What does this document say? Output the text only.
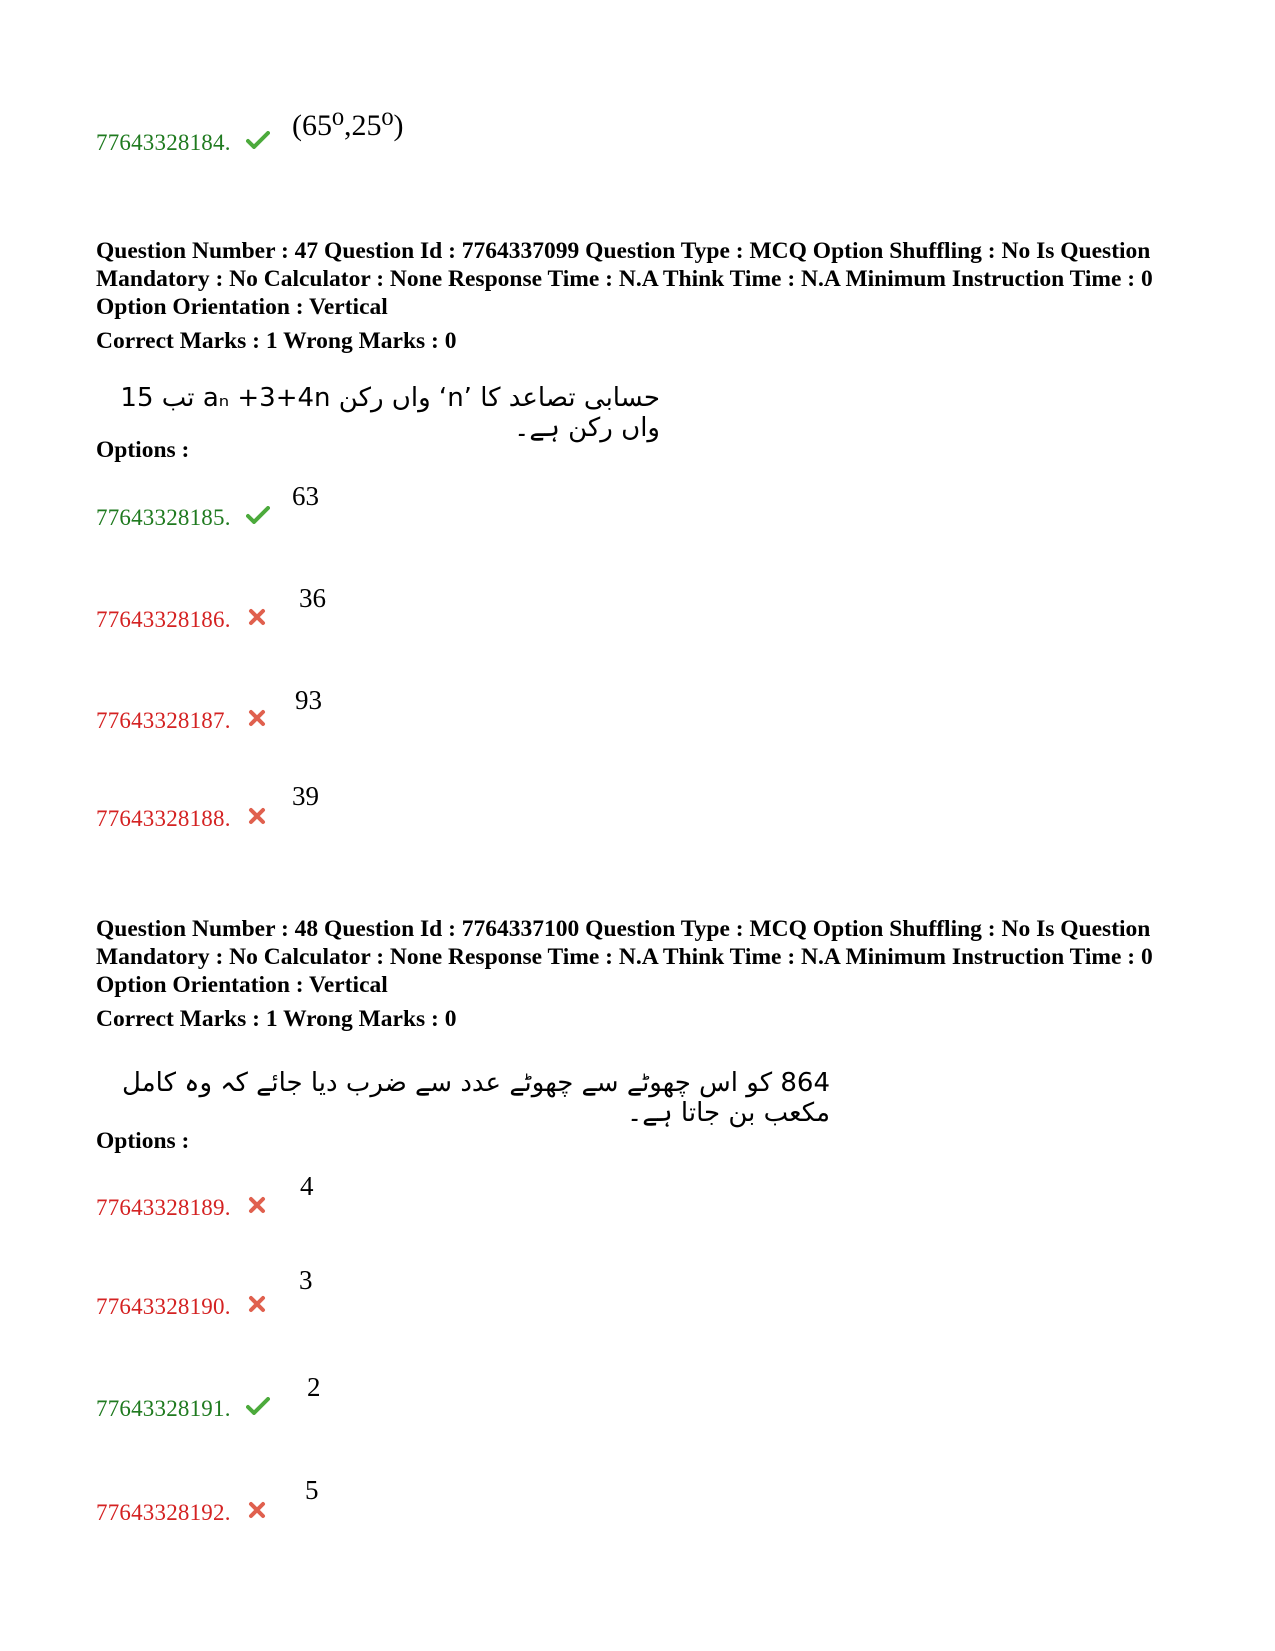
77643328184.
(65⁰,25⁰)
Question Number : 47 Question Id : 7764337099 Question Type : MCQ Option Shuffling : No Is Question Mandatory : No Calculator : None Response Time : N.A Think Time : N.A Minimum Instruction Time : 0 Option Orientation : Vertical
Correct Marks : 1 Wrong Marks : 0
حسابی تصاعد کا ’n‘ واں رکن aₙ +3+4n تب 15 واں رکن ہے۔
Options :
77643328185.
63
77643328186.
36
77643328187.
93
77643328188.
39
Question Number : 48 Question Id : 7764337100 Question Type : MCQ Option Shuffling : No Is Question Mandatory : No Calculator : None Response Time : N.A Think Time : N.A Minimum Instruction Time : 0 Option Orientation : Vertical
Correct Marks : 1 Wrong Marks : 0
864 کو اس چھوٹے سے چھوٹے عدد سے ضرب دیا جائے کہ وہ کامل مکعب بن جاتا ہے۔
Options :
77643328189.
4
77643328190.
3
77643328191.
2
77643328192.
5
